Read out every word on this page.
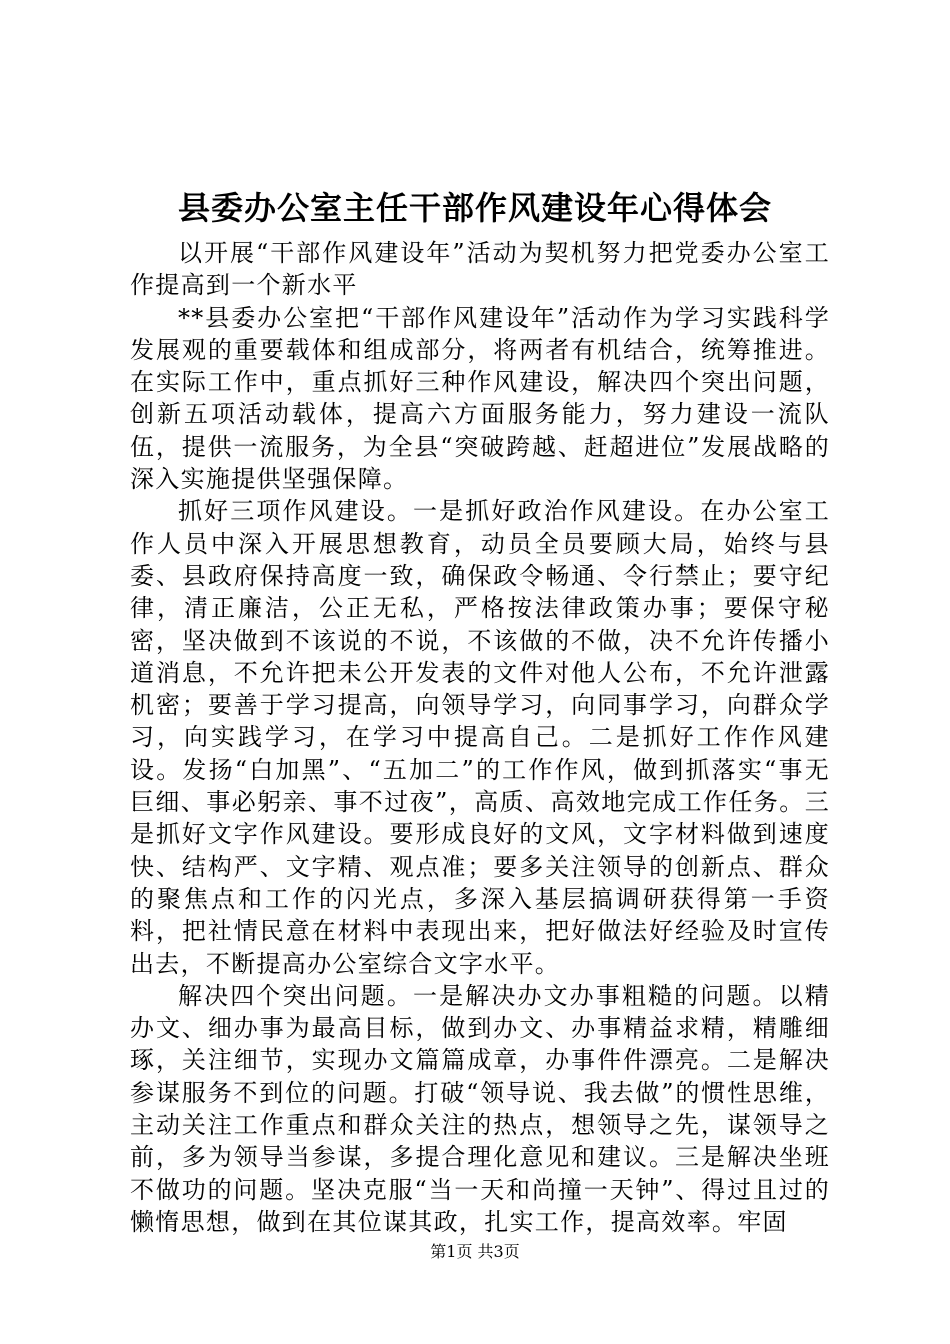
县委办公室主任干部作风建设年心得体会

以开展“干部作风建设年”活动为契机努力把党委办公室工作提高到一个新水平

**县委办公室把“干部作风建设年”活动作为学习实践科学发展观的重要载体和组成部分，将两者有机结合，统筹推进。在实际工作中，重点抓好三种作风建设，解决四个突出问题，创新五项活动载体，提高六方面服务能力，努力建设一流队伍，提供一流服务，为全县“突破跨越、赶超进位”发展战略的深入实施提供坚强保障。

抓好三项作风建设。一是抓好政治作风建设。在办公室工作人员中深入开展思想教育，动员全员要顾大局，始终与县委、县政府保持高度一致，确保政令畅通、令行禁止；要守纪律，清正廉洁，公正无私，严格按法律政策办事；要保守秘密，坚决做到不该说的不说，不该做的不做，决不允许传播小道消息，不允许把未公开发表的文件对他人公布，不允许泄露机密；要善于学习提高，向领导学习，向同事学习，向群众学习，向实践学习，在学习中提高自己。二是抓好工作作风建设。发扬“白加黑”、“五加二”的工作作风，做到抓落实“事无巨细、事必躬亲、事不过夜”，高质、高效地完成工作任务。三是抓好文字作风建设。要形成良好的文风，文字材料做到速度快、结构严、文字精、观点准；要多关注领导的创新点、群众的聚焦点和工作的闪光点，多深入基层搞调研获得第一手资料，把社情民意在材料中表现出来，把好做法好经验及时宣传出去，不断提高办公室综合文字水平。

解决四个突出问题。一是解决办文办事粗糙的问题。以精办文、细办事为最高目标，做到办文、办事精益求精，精雕细琢，关注细节，实现办文篇篇成章，办事件件漂亮。二是解决参谋服务不到位的问题。打破“领导说、我去做”的惯性思维，主动关注工作重点和群众关注的热点，想领导之先，谋领导之前，多为领导当参谋，多提合理化意见和建议。三是解决坐班不做功的问题。坚决克服“当一天和尚撞一天钟”、得过且过的懒惰思想，做到在其位谋其政，扎实工作，提高效率。牢固

第1页 共3页
